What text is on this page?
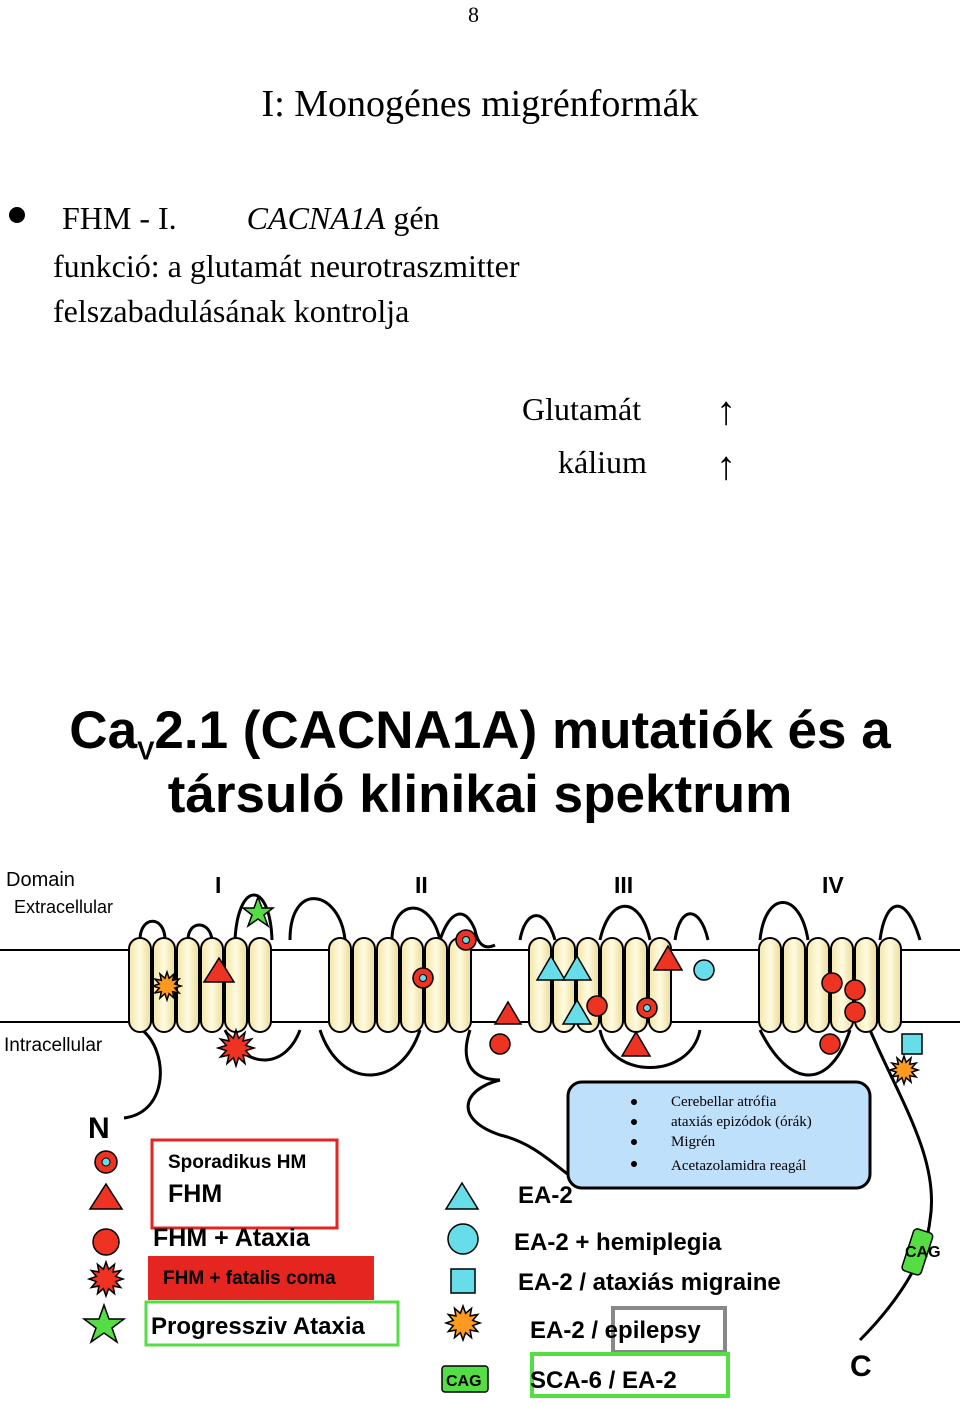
8
I: Monogénes migrénformák
FHM - I. CACNA1A gén
funkció: a glutamát neurotraszmitter
felszabadulásának kontrolja
Glutamát ↑
kálium ↑
$Ca_V2.1$ (CACNA1A) mutatiók és a
társuló klinikai spektrum
Domain
Extracellular
Intracellular
I	II	III	IV
N
CAG
C
Cerebellar atrófia
ataxiás epizódok (órák)
Migrén
Acetazolamidra reagál
Sporadikus HM
FHM
FHM + Ataxia
FHM + fatalis coma
Progressziv Ataxia
CAG
EA-2
EA-2 + hemiplegia
EA-2 / ataxiás migraine
EA-2 / epilepsy
SCA-6 / EA-2
